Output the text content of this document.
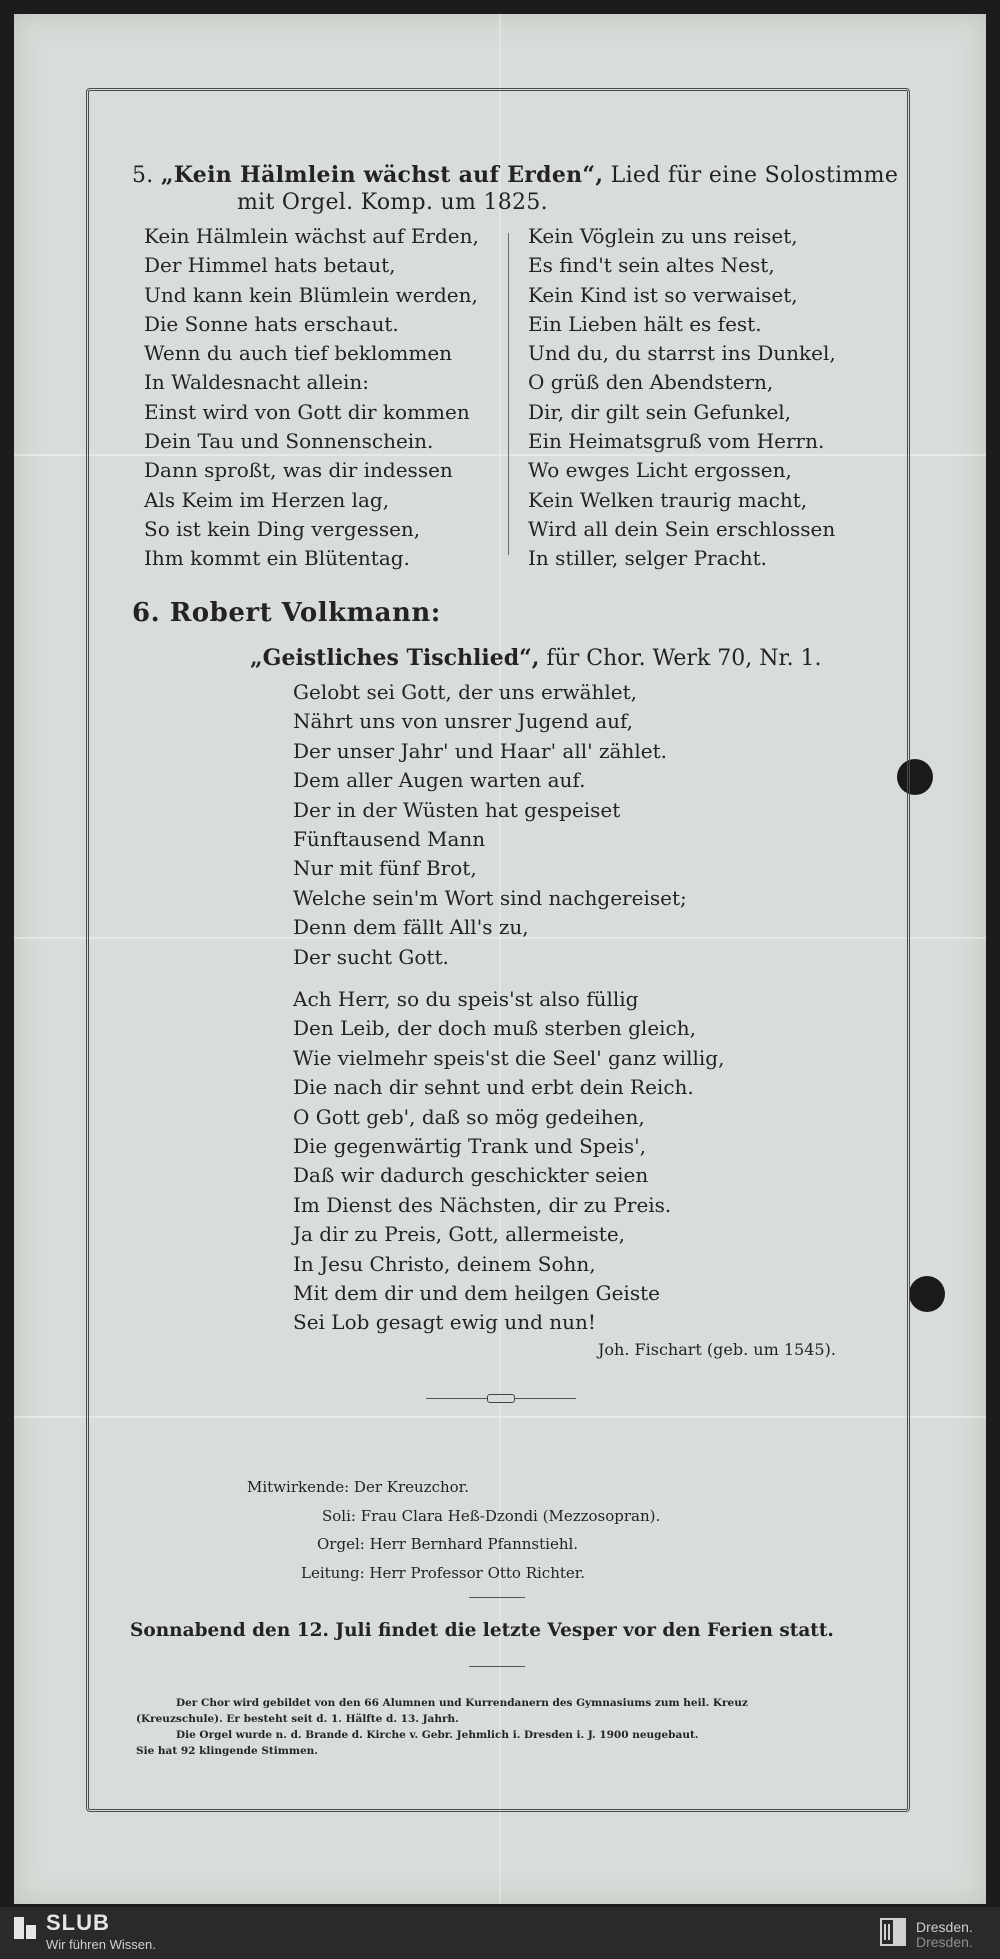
5. „Kein Hälmlein wächst auf Erden“, Lied für eine Solostimme
mit Orgel. Komp. um 1825.
Kein Hälmlein wächst auf Erden,
Der Himmel hats betaut,
Und kann kein Blümlein werden,
Die Sonne hats erschaut.
Wenn du auch tief beklommen
In Waldesnacht allein:
Einst wird von Gott dir kommen
Dein Tau und Sonnenschein.
Dann sproßt, was dir indessen
Als Keim im Herzen lag,
So ist kein Ding vergessen,
Ihm kommt ein Blütentag.
Kein Vöglein zu uns reiset,
Es find't sein altes Nest,
Kein Kind ist so verwaiset,
Ein Lieben hält es fest.
Und du, du starrst ins Dunkel,
O grüß den Abendstern,
Dir, dir gilt sein Gefunkel,
Ein Heimatsgruß vom Herrn.
Wo ewges Licht ergossen,
Kein Welken traurig macht,
Wird all dein Sein erschlossen
In stiller, selger Pracht.
6. Robert Volkmann:
„Geistliches Tischlied“, für Chor. Werk 70, Nr. 1.
Gelobt sei Gott, der uns erwählet,
Nährt uns von unsrer Jugend auf,
Der unser Jahr' und Haar' all' zählet.
Dem aller Augen warten auf.
Der in der Wüsten hat gespeiset
Fünftausend Mann
Nur mit fünf Brot,
Welche sein'm Wort sind nachgereiset;
Denn dem fällt All's zu,
Der sucht Gott.
Ach Herr, so du speis'st also füllig
Den Leib, der doch muß sterben gleich,
Wie vielmehr speis'st die Seel' ganz willig,
Die nach dir sehnt und erbt dein Reich.
O Gott geb', daß so mög gedeihen,
Die gegenwärtig Trank und Speis',
Daß wir dadurch geschickter seien
Im Dienst des Nächsten, dir zu Preis.
Ja dir zu Preis, Gott, allermeiste,
In Jesu Christo, deinem Sohn,
Mit dem dir und dem heilgen Geiste
Sei Lob gesagt ewig und nun!
Joh. Fischart (geb. um 1545).
Mitwirkende: Der Kreuzchor.
Soli: Frau Clara Heß-Dzondi (Mezzosopran).
Orgel: Herr Bernhard Pfannstiehl.
Leitung: Herr Professor Otto Richter.
Sonnabend den 12. Juli findet die letzte Vesper vor den Ferien statt.
Der Chor wird gebildet von den 66 Alumnen und Kurrendanern des Gymnasiums zum heil. Kreuz
(Kreuzschule). Er besteht seit d. 1. Hälfte d. 13. Jahrh.
Die Orgel wurde n. d. Brande d. Kirche v. Gebr. Jehmlich i. Dresden i. J. 1900 neugebaut.
Sie hat 92 klingende Stimmen.
SLUB
Wir führen Wissen.
Dresden.
Dresden.
